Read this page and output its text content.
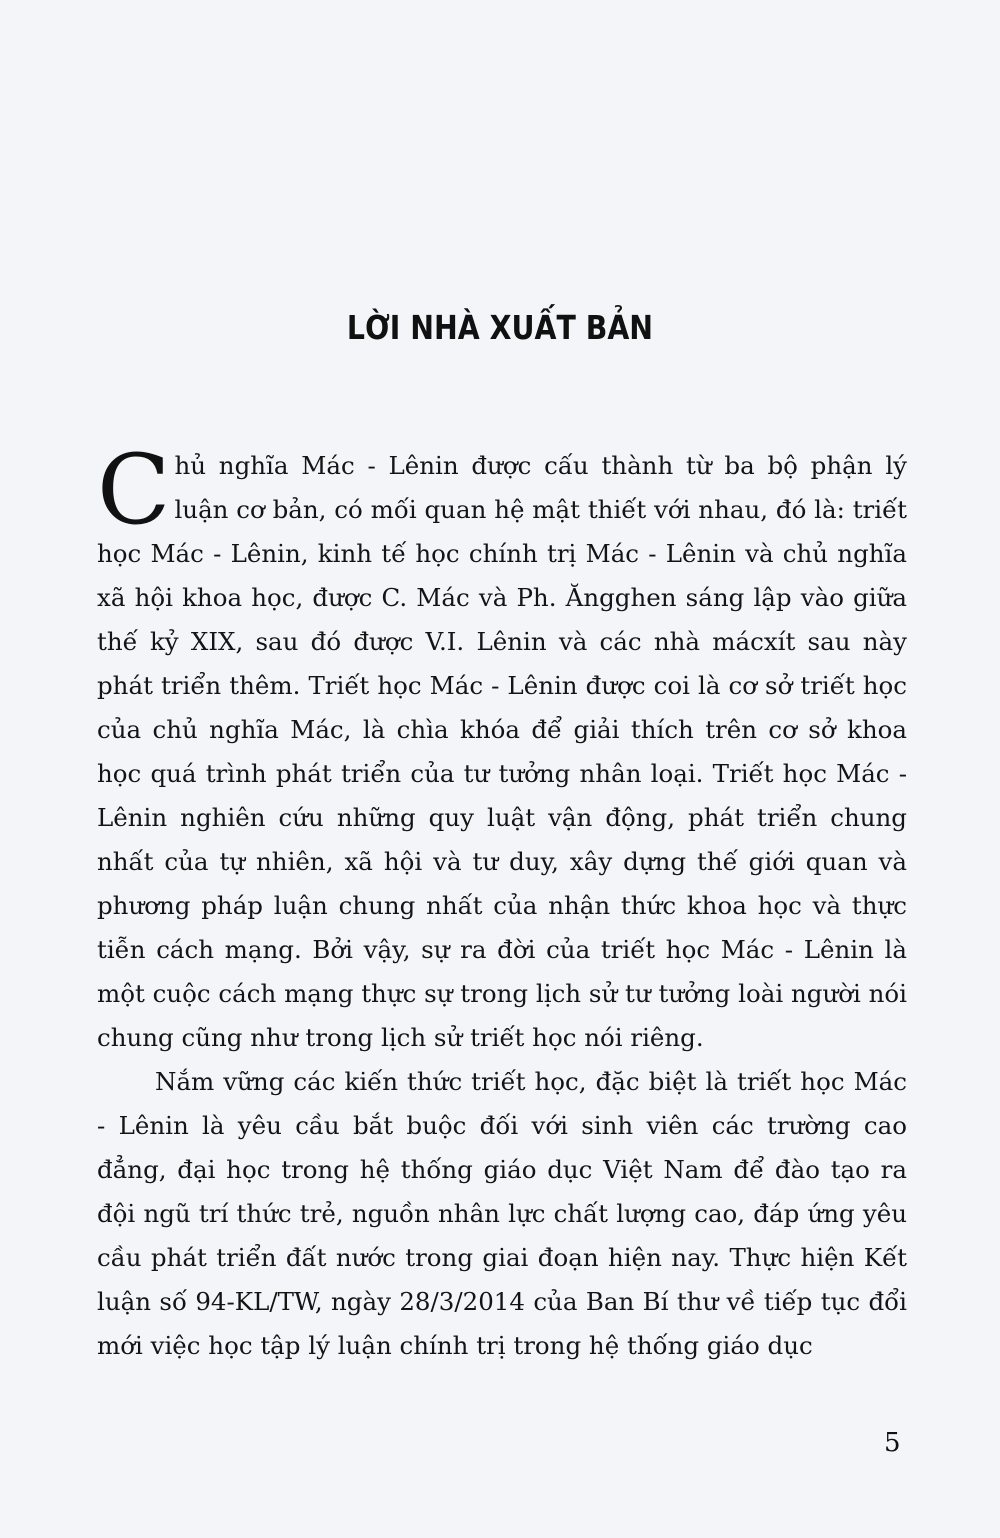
LỜI NHÀ XUẤT BẢN

Chủ nghĩa Mác - Lênin được cấu thành từ ba bộ phận lý luận cơ bản, có mối quan hệ mật thiết với nhau, đó là: triết học Mác - Lênin, kinh tế học chính trị Mác - Lênin và chủ nghĩa xã hội khoa học, được C. Mác và Ph. Ăngghen sáng lập vào giữa thế kỷ XIX, sau đó được V.I. Lênin và các nhà mácxít sau này phát triển thêm. Triết học Mác - Lênin được coi là cơ sở triết học của chủ nghĩa Mác, là chìa khóa để giải thích trên cơ sở khoa học quá trình phát triển của tư tưởng nhân loại. Triết học Mác - Lênin nghiên cứu những quy luật vận động, phát triển chung nhất của tự nhiên, xã hội và tư duy, xây dựng thế giới quan và phương pháp luận chung nhất của nhận thức khoa học và thực tiễn cách mạng. Bởi vậy, sự ra đời của triết học Mác - Lênin là một cuộc cách mạng thực sự trong lịch sử tư tưởng loài người nói chung cũng như trong lịch sử triết học nói riêng.

Nắm vững các kiến thức triết học, đặc biệt là triết học Mác - Lênin là yêu cầu bắt buộc đối với sinh viên các trường cao đẳng, đại học trong hệ thống giáo dục Việt Nam để đào tạo ra đội ngũ trí thức trẻ, nguồn nhân lực chất lượng cao, đáp ứng yêu cầu phát triển đất nước trong giai đoạn hiện nay. Thực hiện Kết luận số 94-KL/TW, ngày 28/3/2014 của Ban Bí thư về tiếp tục đổi mới việc học tập lý luận chính trị trong hệ thống giáo dục

5
